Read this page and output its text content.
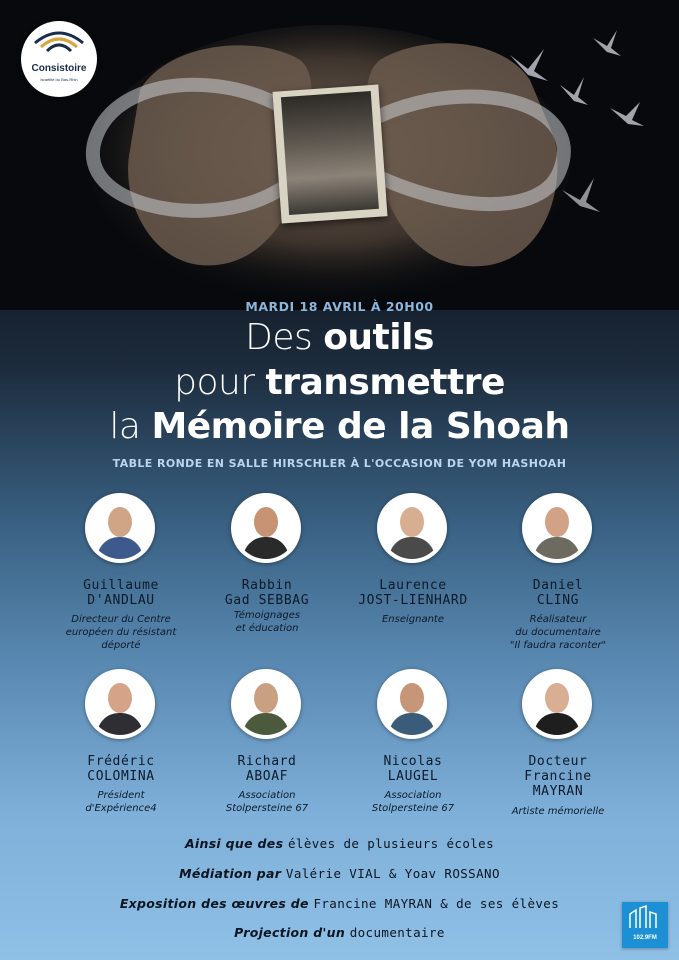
Consistoire
Israélite du Bas-Rhin
MARDI 18 AVRIL À 20H00
Des outils
pour transmettre
la Mémoire de la Shoah
TABLE RONDE EN SALLE HIRSCHLER À L'OCCASION DE YOM HASHOAH
Guillaume
D'ANDLAU
Directeur du Centre
européen du résistant
déporté
Rabbin
Gad SEBBAG
Témoignages
et éducation
Laurence
JOST-LIENHARD
Enseignante
Daniel
CLING
Réalisateur
du documentaire
"Il faudra raconter"
Frédéric
COLOMINA
Président
d'Expérience4
Richard
ABOAF
Association
Stolpersteine 67
Nicolas
LAUGEL
Association
Stolpersteine 67
Docteur
Francine
MAYRAN
Artiste mémorielle
Ainsi que des élèves de plusieurs écoles
Médiation par Valérie VIAL & Yoav ROSSANO
Exposition des œuvres de Francine MAYRAN & de ses élèves
Projection d'un documentaire	102.9FM
